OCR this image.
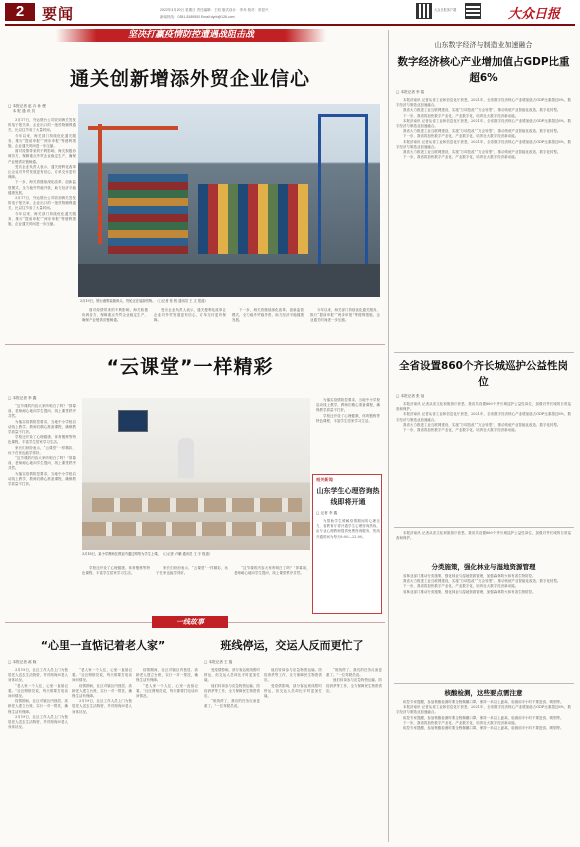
2	要闻	2022年3月20日 星期日 责任编辑：王昀 版式设计：李乔 校对：常显兴
新闻热线：0351-8189500 Email:dyrb@126.com
大众日报客户端	大众日报
坚决打赢疫情防控遭遇战阻击战
通关创新增添外贸企业信心
□ 本报记者 赵 卉 孙 俊
本 报 通 讯 员
3月19日，烟台港集装箱码头，货轮正在装卸货物。（□记者 张 锐 通讯员 王 文 报道）

3月17日，外运烟台公司收到海关签发的电子报关单，企业出口的一批货物顺利通关，比以往节省了大量时间。

今年以来，海关部门持续优化通关服务，推行“提前申报”“两步申报”等便利措施，企业通关时间进一步压缩。

面对疫情带来的不利影响，海关积极协调各方，保障重点外贸企业稳定生产，确保产业链供应链畅通。

受访企业负责人表示，通关便利化改革让企业对外贸发展更有信心，订单交付更有保障。

下一步，海关将继续深化改革，创新监管模式，全力稳外贸稳外资，助力经济平稳健康发展。

3月17日，外运烟台公司收到海关签发的电子报关单，企业出口的一批货物顺利通关，比以往节省了大量时间。

今年以来，海关部门持续优化通关服务，推行“提前申报”“两步申报”等便利措施，企业通关时间进一步压缩。

面对疫情带来的不利影响，海关积极协调各方，保障重点外贸企业稳定生产，确保产业链供应链畅通。

受访企业负责人表示，通关便利化改革让企业对外贸发展更有信心，订单交付更有保障。

下一步，海关将继续深化改革，创新监管模式，全力稳外贸稳外资，助力经济平稳健康发展。

今年以来，海关部门持续优化通关服务，推行“提前申报”“两步申报”等便利措施，企业通关时间进一步压缩。

“云课堂”一样精彩
□ 本报记者 李 鑫

“这节课的内容大家听明白了吗？”屏幕前，老师耐心地向学生提问，线上课堂秩序井然。

为落实疫情防控要求，当地中小学校启动线上教学，教师们精心准备课程，确保教学质量不打折。

学校还开设了心理健康、体育锻炼等特色课程，丰富学生居家学习生活。

家长们纷纷表示，“云课堂”一样精彩，孩子在家也能学得好。

“这节课的内容大家听明白了吗？”屏幕前，老师耐心地向学生提问，线上课堂秩序井然。

为落实疫情防控要求，当地中小学校启动线上教学，教师们精心准备课程，确保教学质量不打折。

3月18日，某小学教师在教室内通过网络为学生上课。（□记者 卢鹏 通讯员 王 宇 报道）

学校还开设了心理健康、体育锻炼等特色课程，丰富学生居家学习生活。

家长们纷纷表示，“云课堂”一样精彩，孩子在家也能学得好。

“这节课的内容大家听明白了吗？”屏幕前，老师耐心地向学生提问，线上课堂秩序井然。

为落实疫情防控要求，当地中小学校启动线上教学，教师们精心准备课程，确保教学质量不打折。

学校还开设了心理健康、体育锻炼等特色课程，丰富学生居家学习生活。

相关新闻
山东学生心理咨询热线即将开通
□ 记者 李 鑫

为帮助学生缓解疫情期间的心理压力，省教育厅将开通学生心理咨询热线，由专业心理教师提供免费咨询服务，热线开通时间为每天8:00—22:00。

一线故事
“心里一直惦记着老人家”
□ 本报记者 郝 晓

3月19日，社区工作人员上门为独居老人送去生活物资，并详细询问老人身体状况。

“老人家一个人住，心里一直惦记着。”社区网格员说，每天都要打电话问问情况。

疫情期间，社区对辖区内独居、高龄老人建立台账，实行一对一帮扶，确保生活有保障。

3月19日，社区工作人员上门为独居老人送去生活物资，并详细询问老人身体状况。

“老人家一个人住，心里一直惦记着。”社区网格员说，每天都要打电话问问情况。

疫情期间，社区对辖区内独居、高龄老人建立台账，实行一对一帮扶，确保生活有保障。

3月19日，社区工作人员上门为独居老人送去生活物资，并详细询问老人身体状况。

疫情期间，社区对辖区内独居、高龄老人建立台账，实行一对一帮扶，确保生活有保障。

“老人家一个人住，心里一直惦记着。”社区网格员说，每天都要打电话问问情况。

班线停运，交运人反而更忙了
□ 本报记者 王 磊

受疫情影响，部分客运班线暂时停运，但交运人员却比平时更加忙碌。

他们转岗参与应急物资运输、防疫消杀等工作，全力保障民生物资供应。

“班线停了，我们的任务反而更重了。”一位驾驶员说。

他们转岗参与应急物资运输、防疫消杀等工作，全力保障民生物资供应。

受疫情影响，部分客运班线暂时停运，但交运人员却比平时更加忙碌。

“班线停了，我们的任务反而更重了。”一位驾驶员说。

他们转岗参与应急物资运输、防疫消杀等工作，全力保障民生物资供应。

山东数字经济与制造业加速融合
数字经济核心产业增加值占GDP比重超6%
□ 本报记者 李 铭

本报济南讯 记者从省工业和信息化厅获悉，2021年，全省数字经济核心产业增加值占GDP比重超过6%，数字经济与制造业加速融合。

我省大力推进工业互联网建设，实施“万项技改”“万企转型”，推动传统产业智能化改造、数字化转型。

下一步，我省将加快数字产业化、产业数字化，培育壮大数字经济新动能。

本报济南讯 记者从省工业和信息化厅获悉，2021年，全省数字经济核心产业增加值占GDP比重超过6%，数字经济与制造业加速融合。

我省大力推进工业互联网建设，实施“万项技改”“万企转型”，推动传统产业智能化改造、数字化转型。

下一步，我省将加快数字产业化、产业数字化，培育壮大数字经济新动能。

本报济南讯 记者从省工业和信息化厅获悉，2021年，全省数字经济核心产业增加值占GDP比重超过6%，数字经济与制造业加速融合。

我省大力推进工业互联网建设，实施“万项技改”“万企转型”，推动传统产业智能化改造、数字化转型。

下一步，我省将加快数字产业化、产业数字化，培育壮大数字经济新动能。

全省设置860个齐长城巡护公益性岗位
□ 本报记者 张 蓓

本报济南讯 记者从省文化和旅游厅获悉，我省共设置860个齐长城巡护公益性岗位，加强对齐长城的日常巡查和保护。

本报济南讯 记者从省工业和信息化厅获悉，2021年，全省数字经济核心产业增加值占GDP比重超过6%，数字经济与制造业加速融合。

我省大力推进工业互联网建设，实施“万项技改”“万企转型”，推动传统产业智能化改造、数字化转型。

下一步，我省将加快数字产业化、产业数字化，培育壮大数字经济新动能。

本报济南讯 记者从省文化和旅游厅获悉，我省共设置860个齐长城巡护公益性岗位，加强对齐长城的日常巡查和保护。

分类施策，强化林业与湿地资源管理

省林业部门推动分类施策，强化林业与湿地资源管理，加强森林防火和有害生物防控。

我省大力推进工业互联网建设，实施“万项技改”“万企转型”，推动传统产业智能化改造、数字化转型。

下一步，我省将加快数字产业化、产业数字化，培育壮大数字经济新动能。

省林业部门推动分类施策，强化林业与湿地资源管理，加强森林防火和有害生物防控。

核酸检测，这些要点需注意

疾控专家提醒，参加核酸检测时要全程佩戴口罩，保持一米以上距离，检测前半小时不要进食、吸烟等。

本报济南讯 记者从省工业和信息化厅获悉，2021年，全省数字经济核心产业增加值占GDP比重超过6%，数字经济与制造业加速融合。

疾控专家提醒，参加核酸检测时要全程佩戴口罩，保持一米以上距离，检测前半小时不要进食、吸烟等。

下一步，我省将加快数字产业化、产业数字化，培育壮大数字经济新动能。

疾控专家提醒，参加核酸检测时要全程佩戴口罩，保持一米以上距离，检测前半小时不要进食、吸烟等。
